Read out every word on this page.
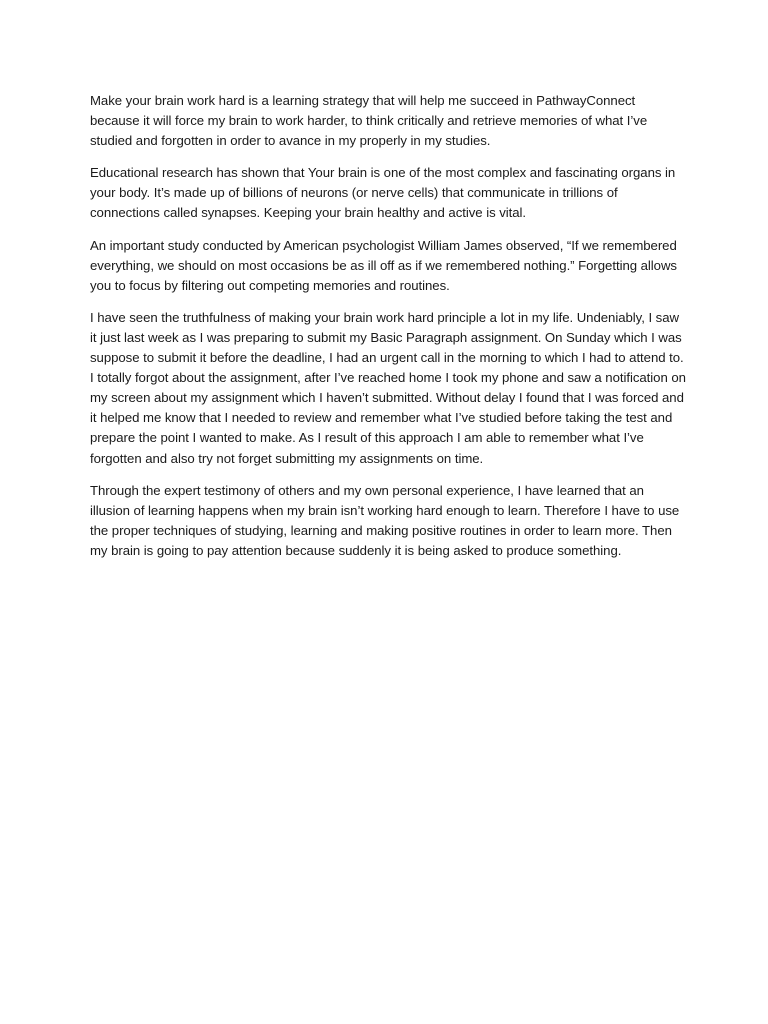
Make your brain work hard is a learning strategy that will help me succeed in PathwayConnect because it will force my brain to work harder, to think critically and retrieve memories of what I’ve studied and forgotten in order to avance in my properly in my studies.

Educational research has shown that Your brain is one of the most complex and fascinating organs in your body. It’s made up of billions of neurons (or nerve cells) that communicate in trillions of connections called synapses. Keeping your brain healthy and active is vital.

An important study conducted by American psychologist William James observed, “If we remembered everything, we should on most occasions be as ill off as if we remembered nothing.” Forgetting allows you to focus by filtering out competing memories and routines.

I have seen the truthfulness of making your brain work hard principle a lot in my life. Undeniably, I saw it just last week as I was preparing to submit my Basic Paragraph assignment. On Sunday which I was suppose to submit it before the deadline, I had an urgent call in the morning to which I had to attend to. I totally forgot about the assignment, after I’ve reached home I took my phone and saw a notification on my screen about my assignment which I haven’t submitted. Without delay I found that I was forced and it helped me know that I needed to review and remember what I’ve studied before taking the test and prepare the point I wanted to make. As I result of this approach I am able to remember what I’ve forgotten and also try not forget submitting my assignments on time.

Through the expert testimony of others and my own personal experience, I have learned that an illusion of learning happens when my brain isn’t working hard enough to learn. Therefore I have to use the proper techniques of studying, learning and making positive routines in order to learn more. Then my brain is going to pay attention because suddenly it is being asked to produce something.
